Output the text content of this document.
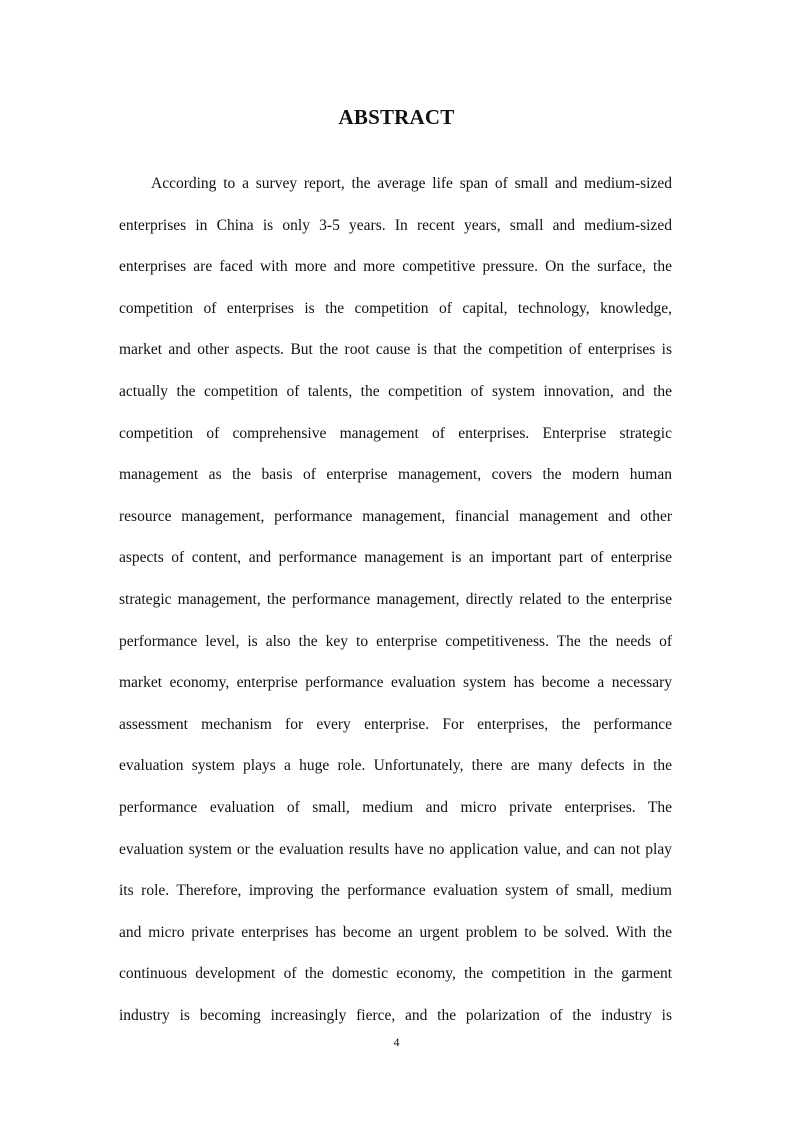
ABSTRACT
According to a survey report, the average life span of small and medium-sized
enterprises in China is only 3-5 years. In recent years, small and medium-sized
enterprises are faced with more and more competitive pressure. On the surface, the
competition of enterprises is the competition of capital, technology, knowledge,
market and other aspects. But the root cause is that the competition of enterprises is
actually the competition of talents, the competition of system innovation, and the
competition of comprehensive management of enterprises. Enterprise strategic
management as the basis of enterprise management, covers the modern human
resource management, performance management, financial management and other
aspects of content, and performance management is an important part of enterprise
strategic management, the performance management, directly related to the enterprise
performance level, is also the key to enterprise competitiveness. The the needs of
market economy, enterprise performance evaluation system has become a necessary
assessment mechanism for every enterprise. For enterprises, the performance
evaluation system plays a huge role. Unfortunately, there are many defects in the
performance evaluation of small, medium and micro private enterprises. The
evaluation system or the evaluation results have no application value, and can not play
its role. Therefore, improving the performance evaluation system of small, medium
and micro private enterprises has become an urgent problem to be solved. With the
continuous development of the domestic economy, the competition in the garment
industry is becoming increasingly fierce, and the polarization of the industry is
4
